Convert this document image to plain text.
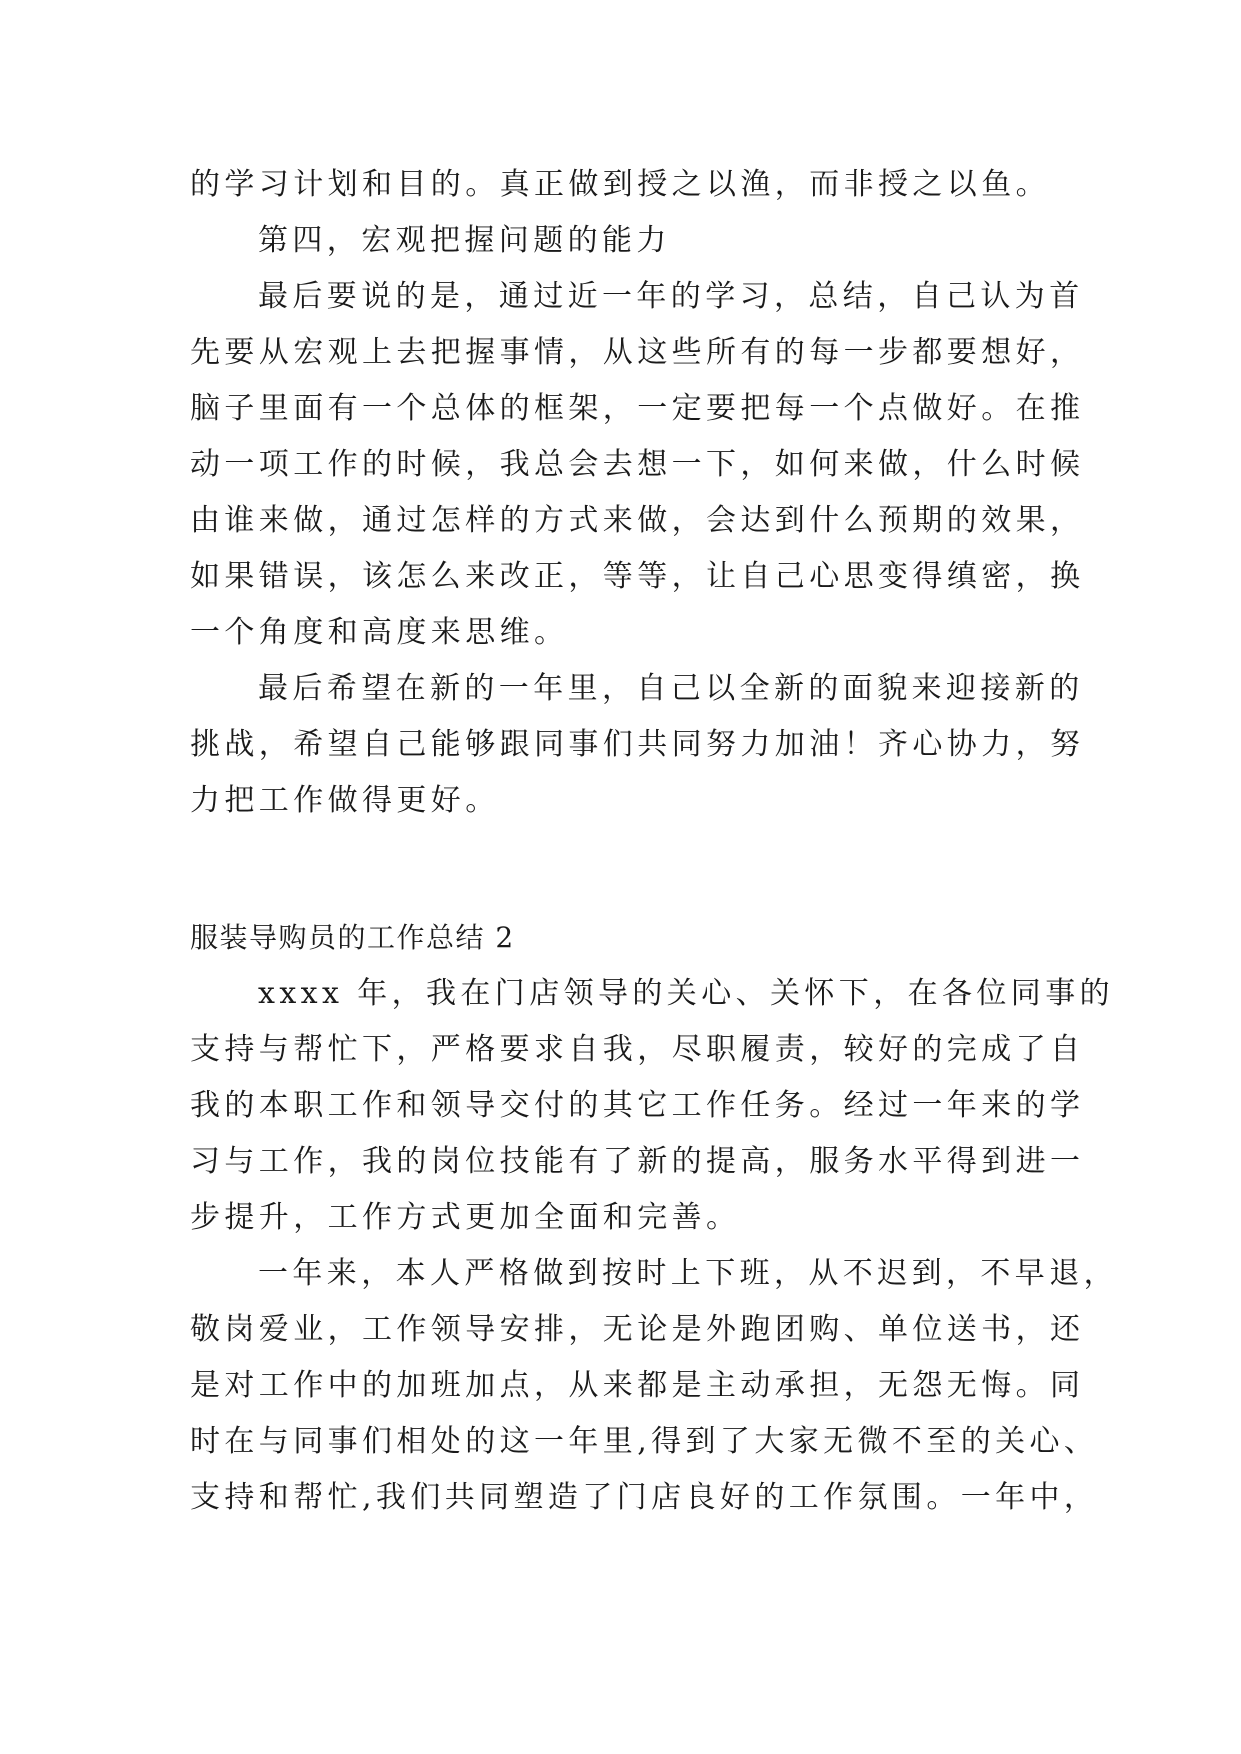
的学习计划和目的。真正做到授之以渔，而非授之以鱼。
第四，宏观把握问题的能力
最后要说的是，通过近一年的学习，总结，自己认为首
先要从宏观上去把握事情，从这些所有的每一步都要想好，
脑子里面有一个总体的框架，一定要把每一个点做好。在推
动一项工作的时候，我总会去想一下，如何来做，什么时候
由谁来做，通过怎样的方式来做，会达到什么预期的效果，
如果错误，该怎么来改正，等等，让自己心思变得缜密，换
一个角度和高度来思维。
最后希望在新的一年里，自己以全新的面貌来迎接新的
挑战，希望自己能够跟同事们共同努力加油！齐心协力，努
力把工作做得更好。
服装导购员的工作总结 2
xxxx 年，我在门店领导的关心、关怀下，在各位同事的
支持与帮忙下，严格要求自我，尽职履责，较好的完成了自
我的本职工作和领导交付的其它工作任务。经过一年来的学
习与工作，我的岗位技能有了新的提高，服务水平得到进一
步提升，工作方式更加全面和完善。
一年来，本人严格做到按时上下班，从不迟到，不早退，
敬岗爱业，工作领导安排，无论是外跑团购、单位送书，还
是对工作中的加班加点，从来都是主动承担，无怨无悔。同
时在与同事们相处的这一年里,得到了大家无微不至的关心、
支持和帮忙,我们共同塑造了门店良好的工作氛围。一年中，
